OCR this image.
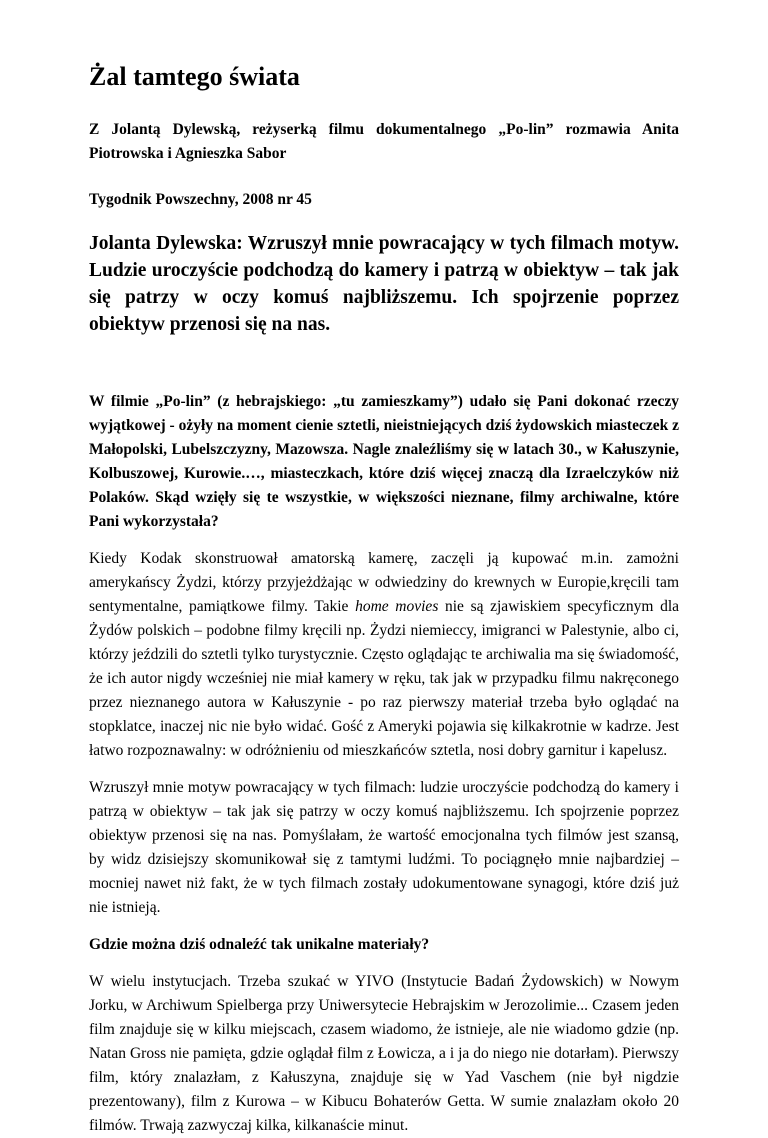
Żal tamtego świata

Z Jolantą Dylewską, reżyserką filmu dokumentalnego „Po-lin” rozmawia Anita Piotrowska i Agnieszka Sabor

Tygodnik Powszechny, 2008 nr 45

Jolanta Dylewska: Wzruszył mnie powracający w tych filmach motyw. Ludzie uroczyście podchodzą do kamery i patrzą w obiektyw – tak jak się patrzy w oczy komuś najbliższemu. Ich spojrzenie poprzez obiektyw przenosi się na nas.

W filmie „Po-lin” (z hebrajskiego: „tu zamieszkamy”) udało się Pani dokonać rzeczy wyjątkowej - ożyły na moment cienie sztetli, nieistniejących dziś żydowskich miasteczek z Małopolski, Lubelszczyzny, Mazowsza. Nagle znaleźliśmy się w latach 30., w Kałuszynie, Kolbuszowej, Kurowie.…, miasteczkach, które dziś więcej znaczą dla Izraelczyków niż Polaków. Skąd wzięły się te wszystkie, w większości nieznane, filmy archiwalne, które Pani wykorzystała?

Kiedy Kodak skonstruował amatorską kamerę, zaczęli ją kupować m.in. zamożni amerykańscy Żydzi, którzy przyjeżdżając w odwiedziny do krewnych w Europie,kręcili tam sentymentalne, pamiątkowe filmy. Takie home movies nie są zjawiskiem specyficznym dla Żydów polskich – podobne filmy kręcili np. Żydzi niemieccy, imigranci w Palestynie, albo ci, którzy jeździli do sztetli tylko turystycznie. Często oglądając te archiwalia ma się świadomość, że ich autor nigdy wcześniej nie miał kamery w ręku, tak jak w przypadku filmu nakręconego przez nieznanego autora w Kałuszynie - po raz pierwszy materiał trzeba było oglądać na stopklatce, inaczej nic nie było widać. Gość z Ameryki pojawia się kilkakrotnie w kadrze. Jest łatwo rozpoznawalny: w odróżnieniu od mieszkańców sztetla, nosi dobry garnitur i kapelusz.

Wzruszył mnie motyw powracający w tych filmach: ludzie uroczyście podchodzą do kamery i patrzą w obiektyw – tak jak się patrzy w oczy komuś najbliższemu. Ich spojrzenie poprzez obiektyw przenosi się na nas. Pomyślałam, że wartość emocjonalna tych filmów jest szansą, by widz dzisiejszy skomunikował się z tamtymi ludźmi. To pociągnęło mnie najbardziej – mocniej nawet niż fakt, że w tych filmach zostały udokumentowane synagogi, które dziś już nie istnieją.

Gdzie można dziś odnaleźć tak unikalne materiały?

W wielu instytucjach. Trzeba szukać w YIVO (Instytucie Badań Żydowskich) w Nowym Jorku, w Archiwum Spielberga przy Uniwersytecie Hebrajskim w Jerozolimie... Czasem jeden film znajduje się w kilku miejscach, czasem wiadomo, że istnieje, ale nie wiadomo gdzie (np. Natan Gross nie pamięta, gdzie oglądał film z Łowicza, a i ja do niego nie dotarłam). Pierwszy film, który znalazłam, z Kałuszyna, znajduje się w Yad Vaschem (nie był nigdzie prezentowany), film z Kurowa – w Kibucu Bohaterów Getta. W sumie znalazłam około 20 filmów. Trwają zazwyczaj kilka, kilkanaście minut.
